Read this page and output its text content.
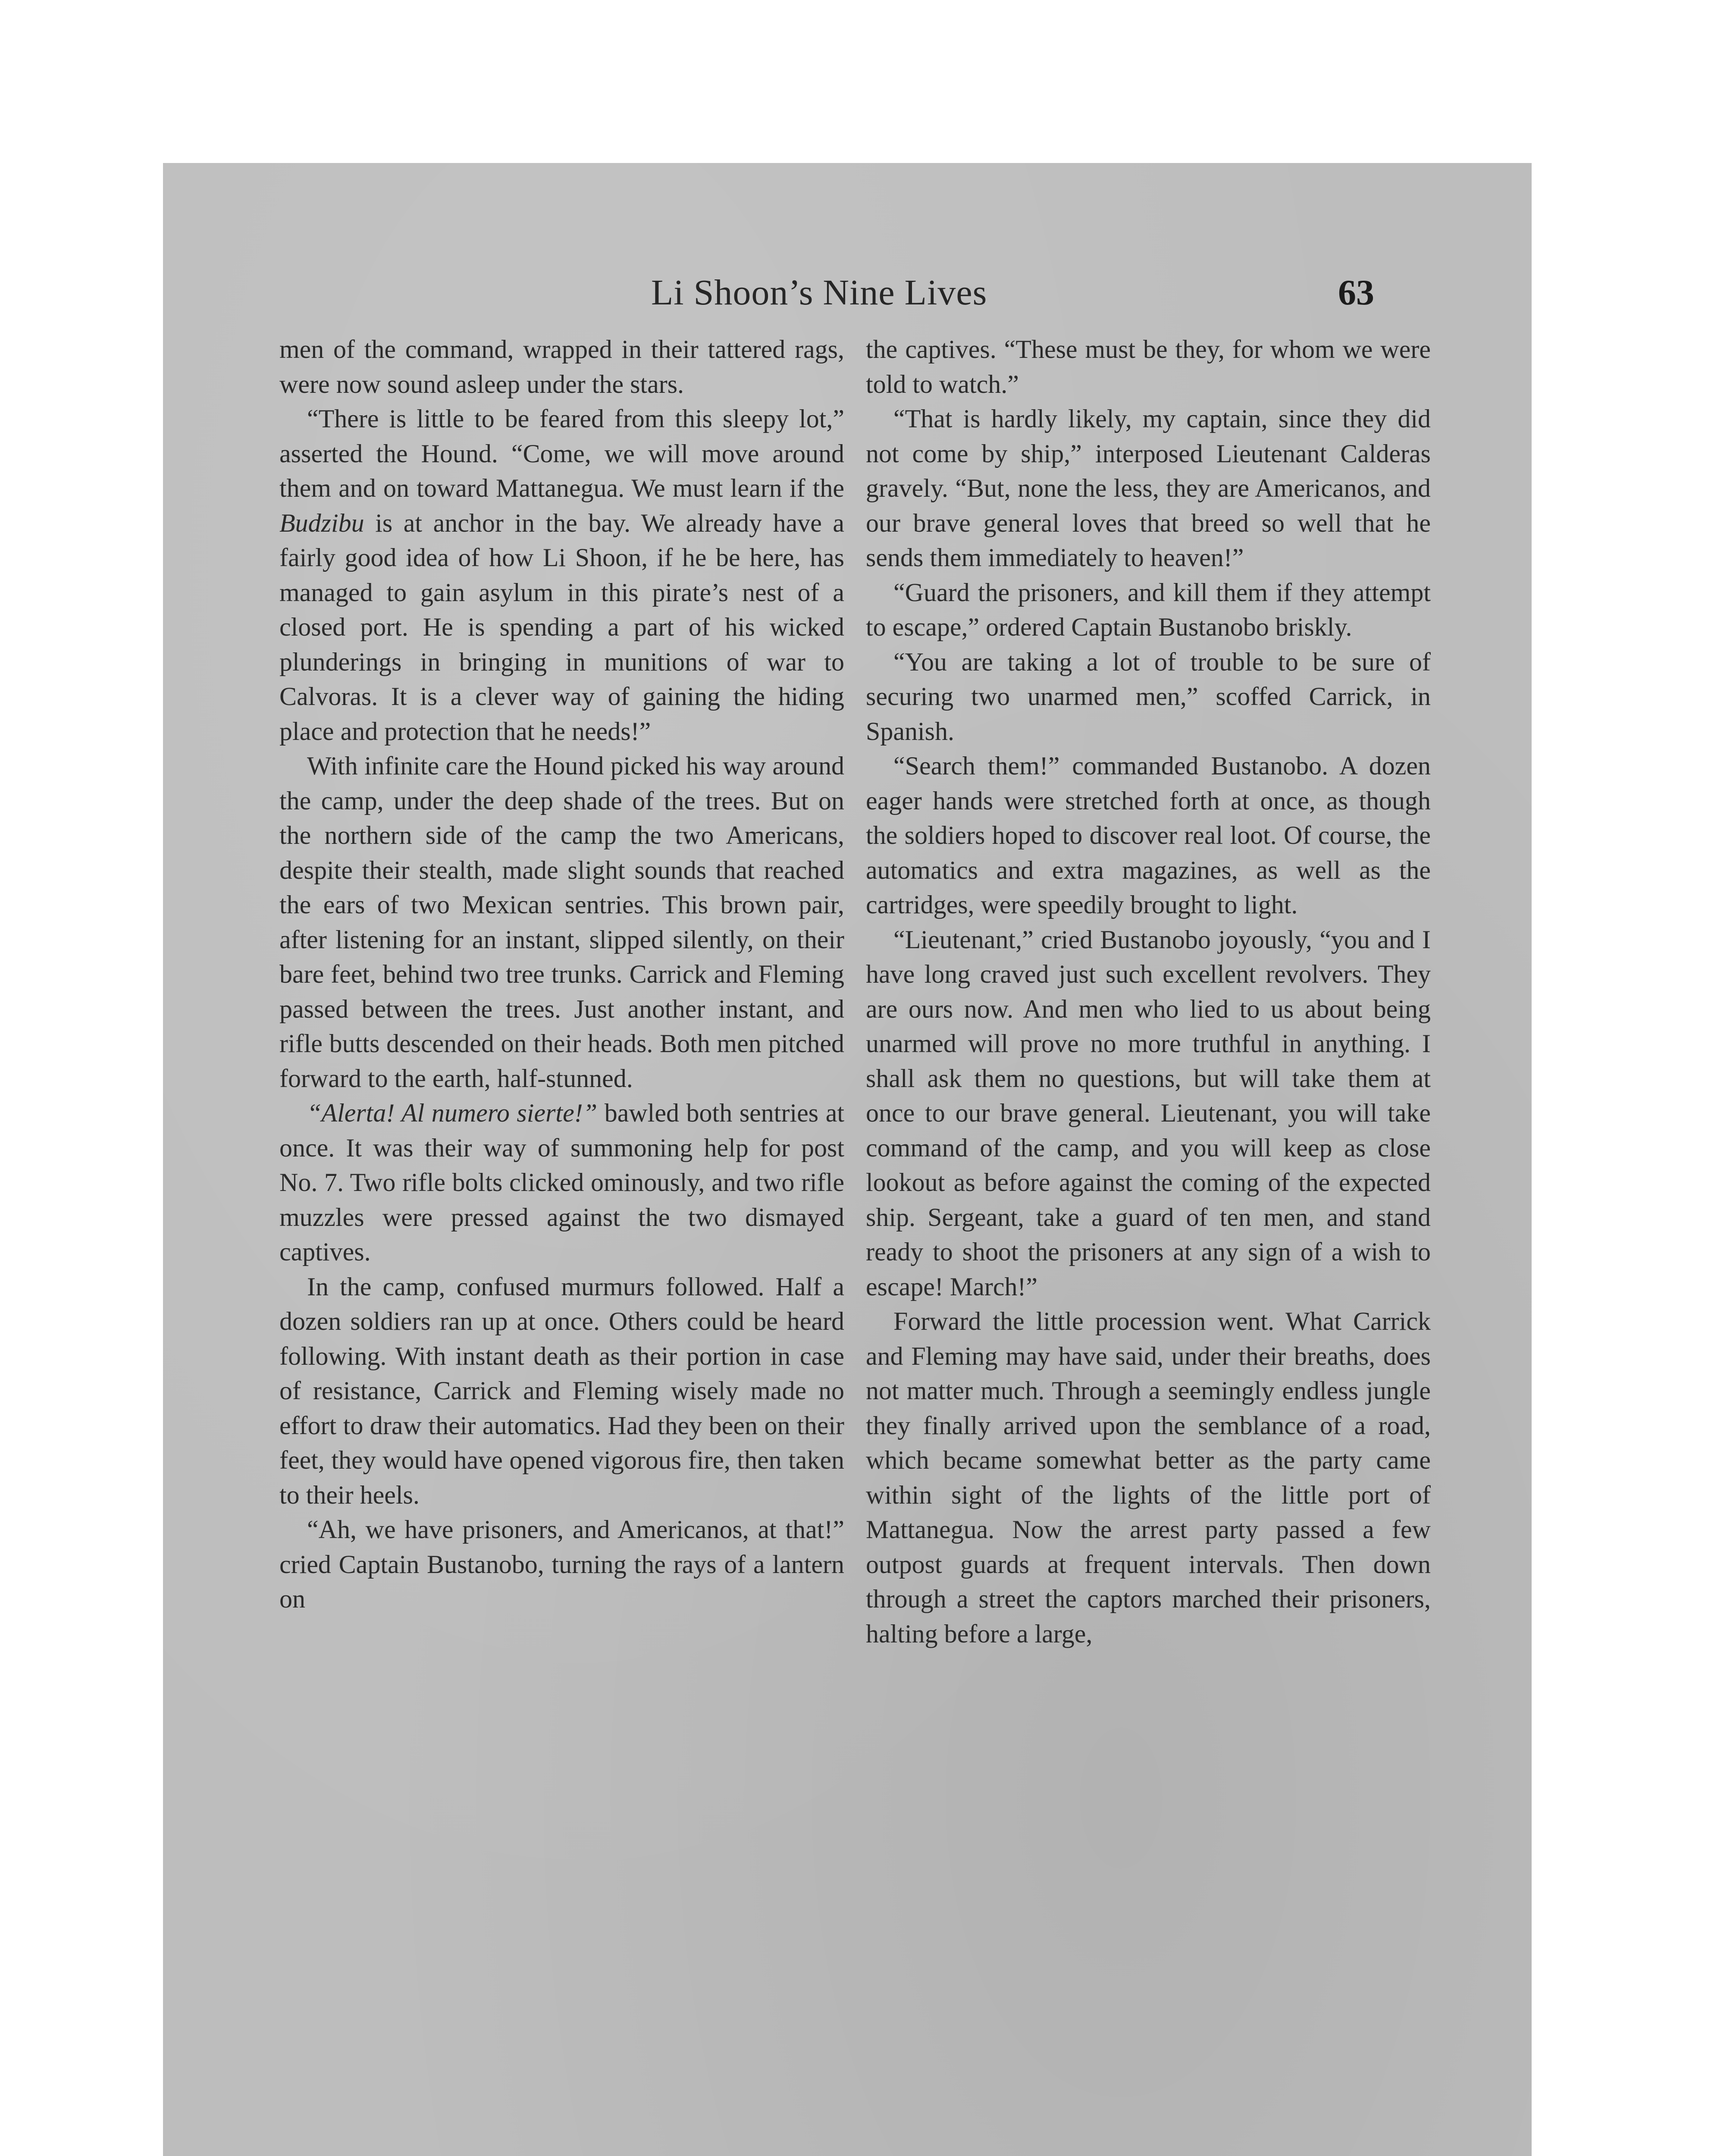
Li Shoon’s Nine Lives	63

men of the command, wrapped in their tattered rags, were now sound asleep under the stars.

“There is little to be feared from this sleepy lot,” asserted the Hound. “Come, we will move around them and on toward Mattanegua. We must learn if the Budzibu is at anchor in the bay. We already have a fairly good idea of how Li Shoon, if he be here, has managed to gain asylum in this pirate’s nest of a closed port. He is spending a part of his wicked plunderings in bringing in munitions of war to Calvoras. It is a clever way of gaining the hiding place and protection that he needs!”

With infinite care the Hound picked his way around the camp, under the deep shade of the trees. But on the northern side of the camp the two Americans, despite their stealth, made slight sounds that reached the ears of two Mexican sentries. This brown pair, after listening for an instant, slipped silently, on their bare feet, behind two tree trunks. Carrick and Fleming passed between the trees. Just another instant, and rifle butts descended on their heads. Both men pitched forward to the earth, half-stunned.

“Alerta! Al numero sierte!” bawled both sentries at once. It was their way of summoning help for post No. 7. Two rifle bolts clicked ominously, and two rifle muzzles were pressed against the two dismayed captives.

In the camp, confused murmurs followed. Half a dozen soldiers ran up at once. Others could be heard following. With instant death as their portion in case of resistance, Carrick and Fleming wisely made no effort to draw their automatics. Had they been on their feet, they would have opened vigorous fire, then taken to their heels.

“Ah, we have prisoners, and Americanos, at that!” cried Captain Bustanobo, turning the rays of a lantern on

the captives. “These must be they, for whom we were told to watch.”

“That is hardly likely, my captain, since they did not come by ship,” interposed Lieutenant Calderas gravely. “But, none the less, they are Americanos, and our brave general loves that breed so well that he sends them immediately to heaven!”

“Guard the prisoners, and kill them if they attempt to escape,” ordered Captain Bustanobo briskly.

“You are taking a lot of trouble to be sure of securing two unarmed men,” scoffed Carrick, in Spanish.

“Search them!” commanded Bustanobo. A dozen eager hands were stretched forth at once, as though the soldiers hoped to discover real loot. Of course, the automatics and extra magazines, as well as the cartridges, were speedily brought to light.

“Lieutenant,” cried Bustanobo joyously, “you and I have long craved just such excellent revolvers. They are ours now. And men who lied to us about being unarmed will prove no more truthful in anything. I shall ask them no questions, but will take them at once to our brave general. Lieutenant, you will take command of the camp, and you will keep as close lookout as before against the coming of the expected ship. Sergeant, take a guard of ten men, and stand ready to shoot the prisoners at any sign of a wish to escape! March!”

Forward the little procession went. What Carrick and Fleming may have said, under their breaths, does not matter much. Through a seemingly endless jungle they finally arrived upon the semblance of a road, which became somewhat better as the party came within sight of the lights of the little port of Mattanegua. Now the arrest party passed a few outpost guards at frequent intervals. Then down through a street the captors marched their prisoners, halting before a large,
